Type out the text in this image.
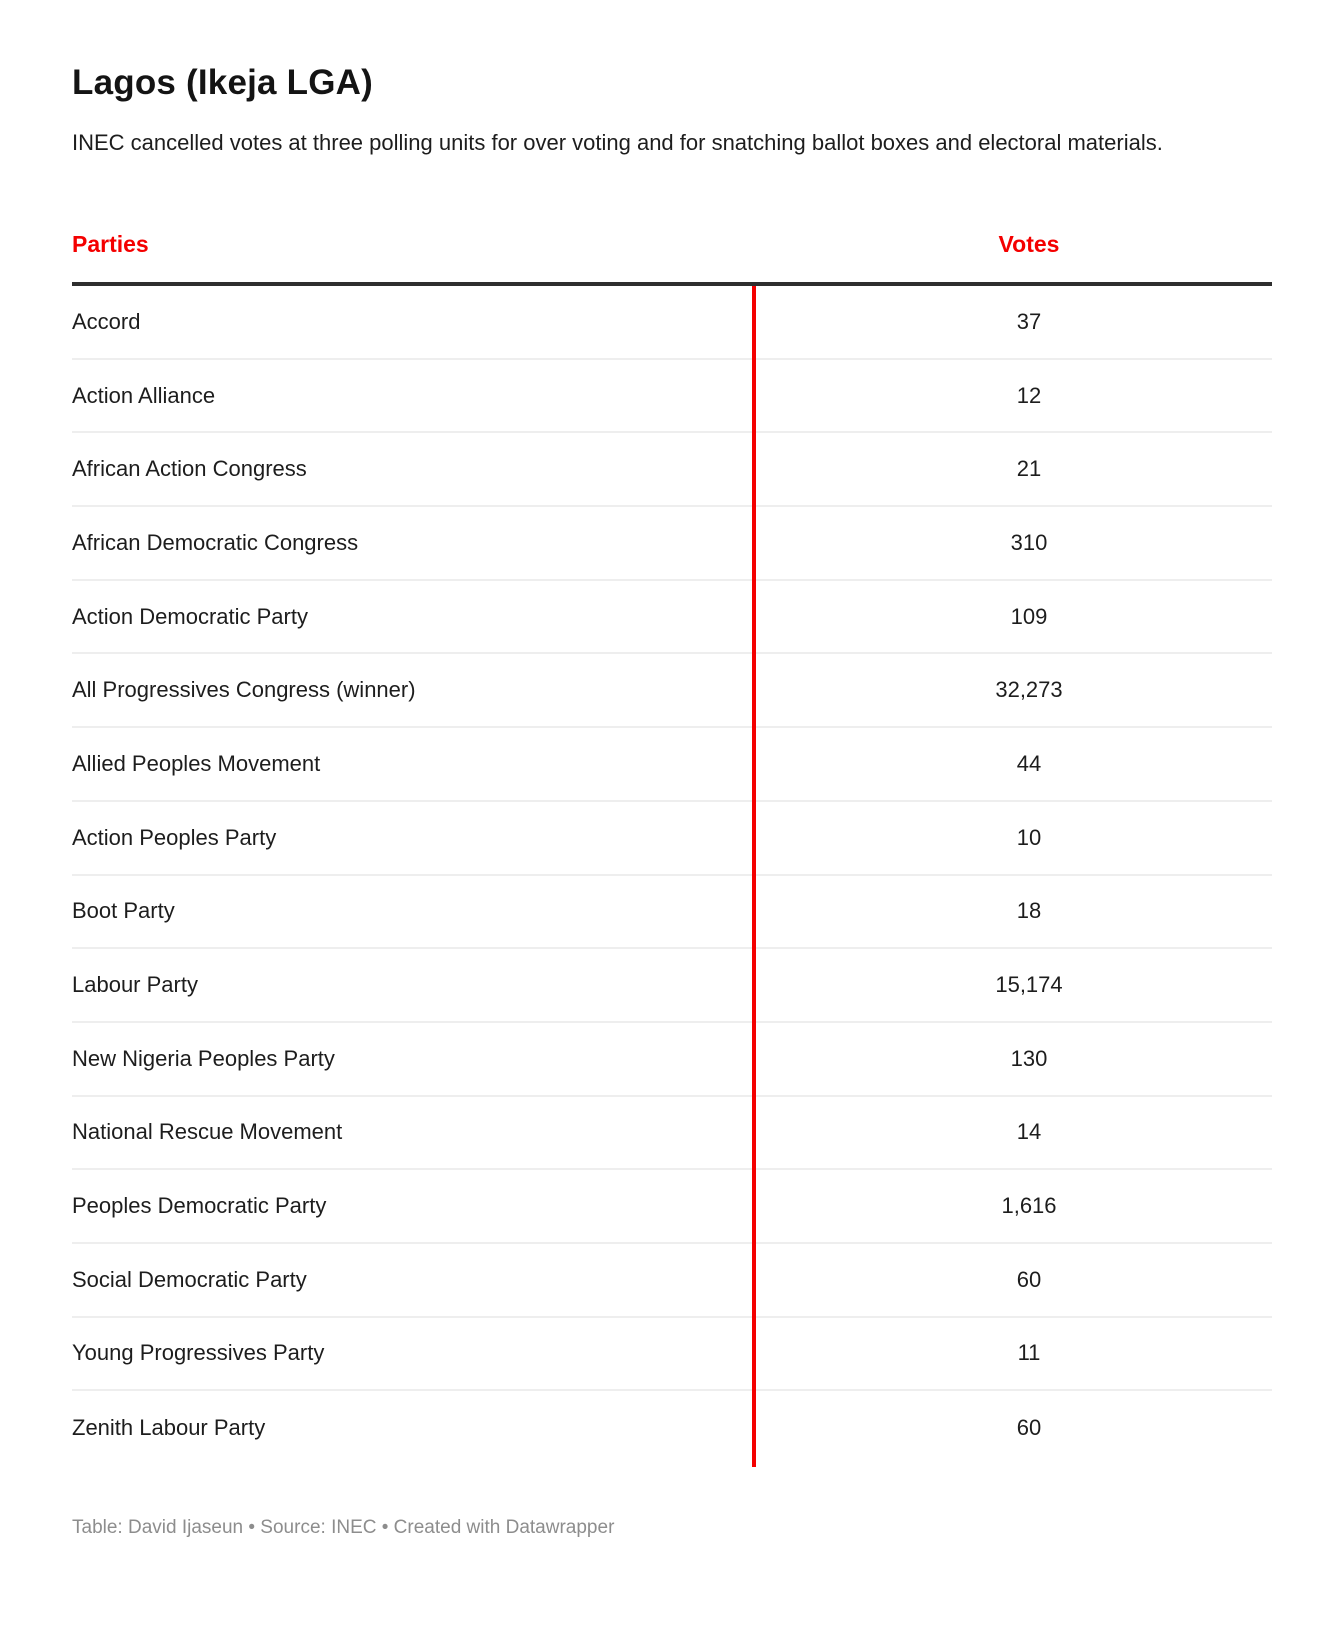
Lagos (Ikeja LGA)

INEC cancelled votes at three polling units for over voting and for snatching ballot boxes and electoral materials.

Parties	Votes
Accord	37
Action Alliance	12
African Action Congress	21
African Democratic Congress	310
Action Democratic Party	109
All Progressives Congress (winner)	32,273
Allied Peoples Movement	44
Action Peoples Party	10
Boot Party	18
Labour Party	15,174
New Nigeria Peoples Party	130
National Rescue Movement	14
Peoples Democratic Party	1,616
Social Democratic Party	60
Young Progressives Party	11
Zenith Labour Party	60

Table: David Ijaseun • Source: INEC • Created with Datawrapper
